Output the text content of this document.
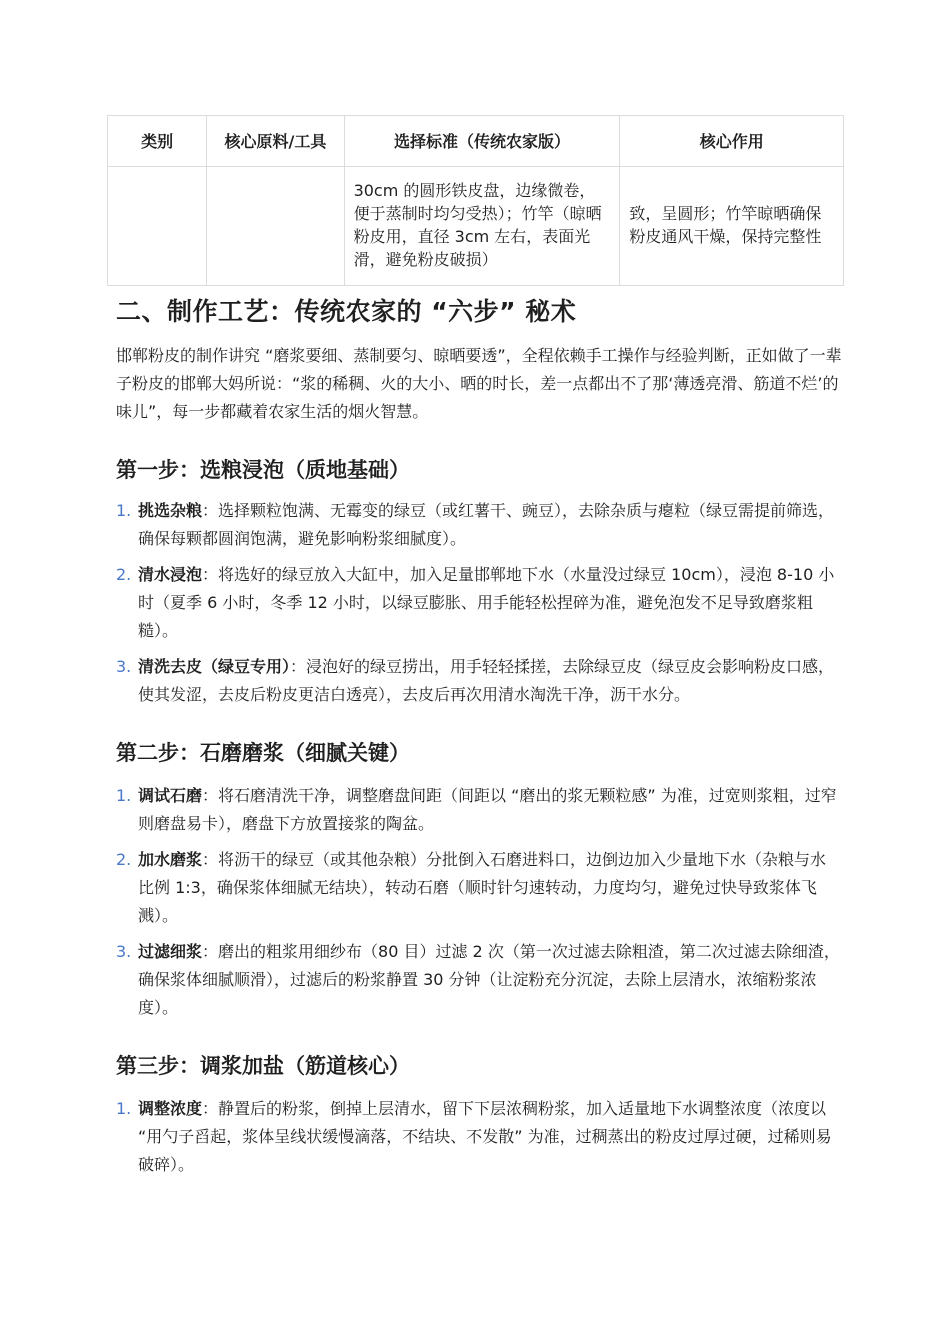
类别	核心原料/工具	选择标准（传统农家版）	核心作用
		30cm 的圆形铁皮盘，边缘微卷，便于蒸制时均匀受热）；竹竿（晾晒粉皮用，直径 3cm 左右，表面光滑，避免粉皮破损）	致，呈圆形；竹竿晾晒确保粉皮通风干燥，保持完整性
二、制作工艺：传统农家的 “六步” 秘术

邯郸粉皮的制作讲究 “磨浆要细、蒸制要匀、晾晒要透”，全程依赖手工操作与经验判断，正如做了一辈子粉皮的邯郸大妈所说：“浆的稀稠、火的大小、晒的时长，差一点都出不了那‘薄透亮滑、筋道不烂’的味儿”，每一步都藏着农家生活的烟火智慧。

第一步：选粮浸泡（质地基础）
1. 挑选杂粮：选择颗粒饱满、无霉变的绿豆（或红薯干、豌豆），去除杂质与瘪粒（绿豆需提前筛选，确保每颗都圆润饱满，避免影响粉浆细腻度）。
2. 清水浸泡：将选好的绿豆放入大缸中，加入足量邯郸地下水（水量没过绿豆 10cm），浸泡 8-10 小时（夏季 6 小时，冬季 12 小时，以绿豆膨胀、用手能轻松捏碎为准，避免泡发不足导致磨浆粗糙）。
3. 清洗去皮（绿豆专用）：浸泡好的绿豆捞出，用手轻轻揉搓，去除绿豆皮（绿豆皮会影响粉皮口感，使其发涩，去皮后粉皮更洁白透亮），去皮后再次用清水淘洗干净，沥干水分。
第二步：石磨磨浆（细腻关键）
1. 调试石磨：将石磨清洗干净，调整磨盘间距（间距以 “磨出的浆无颗粒感” 为准，过宽则浆粗，过窄则磨盘易卡），磨盘下方放置接浆的陶盆。
2. 加水磨浆：将沥干的绿豆（或其他杂粮）分批倒入石磨进料口，边倒边加入少量地下水（杂粮与水比例 1:3，确保浆体细腻无结块），转动石磨（顺时针匀速转动，力度均匀，避免过快导致浆体飞溅）。
3. 过滤细浆：磨出的粗浆用细纱布（80 目）过滤 2 次（第一次过滤去除粗渣，第二次过滤去除细渣，确保浆体细腻顺滑），过滤后的粉浆静置 30 分钟（让淀粉充分沉淀，去除上层清水，浓缩粉浆浓度）。
第三步：调浆加盐（筋道核心）
1. 调整浓度：静置后的粉浆，倒掉上层清水，留下下层浓稠粉浆，加入适量地下水调整浓度（浓度以 “用勺子舀起，浆体呈线状缓慢滴落，不结块、不发散” 为准，过稠蒸出的粉皮过厚过硬，过稀则易破碎）。
